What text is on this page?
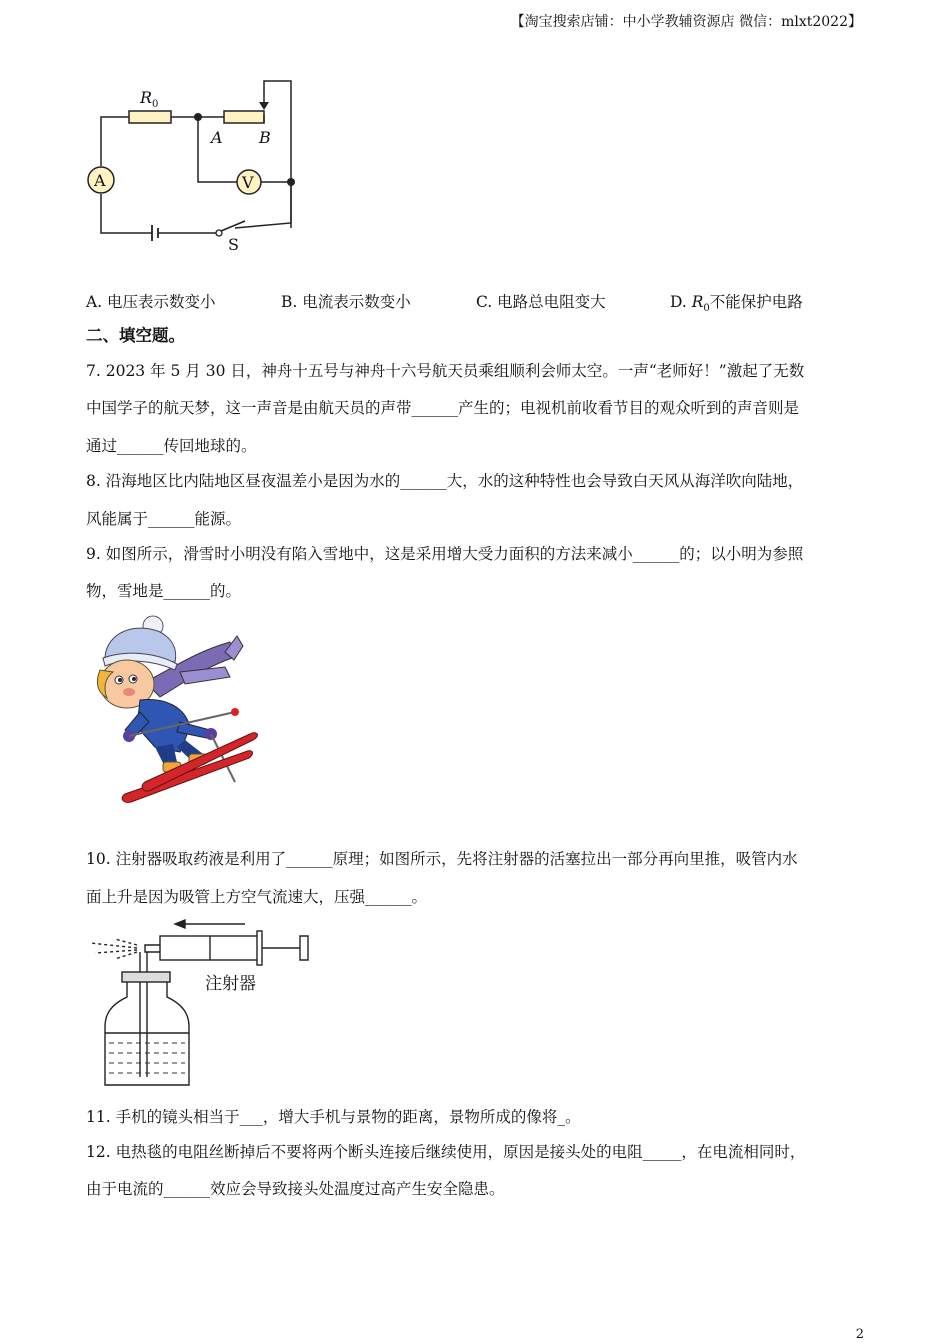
【淘宝搜索店铺：中小学教辅资源店 微信：mlxt2022】
A	V
$R_0$
A B
S
A. 电压表示数变小	B. 电流表示数变小	C. 电路总电阻变大	D. $R_0$不能保护电路
二、填空题。
7. 2023 年 5 月 30 日，神舟十五号与神舟十六号航天员乘组顺利会师太空。一声“老师好！”激起了无数
中国学子的航天梦，这一声音是由航天员的声带______产生的；电视机前收看节目的观众听到的声音则是
通过______传回地球的。
8. 沿海地区比内陆地区昼夜温差小是因为水的______大，水的这种特性也会导致白天风从海洋吹向陆地，
风能属于______能源。
9. 如图所示，滑雪时小明没有陷入雪地中，这是采用增大受力面积的方法来减小______的；以小明为参照
物，雪地是______的。
10. 注射器吸取药液是利用了______原理；如图所示，先将注射器的活塞拉出一部分再向里推，吸管内水
面上升是因为吸管上方空气流速大，压强______。
注射器
11. 手机的镜头相当于___，增大手机与景物的距离，景物所成的像将_。
12. 电热毯的电阻丝断掉后不要将两个断头连接后继续使用，原因是接头处的电阻_____，在电流相同时，
由于电流的______效应会导致接头处温度过高产生安全隐患。
2
